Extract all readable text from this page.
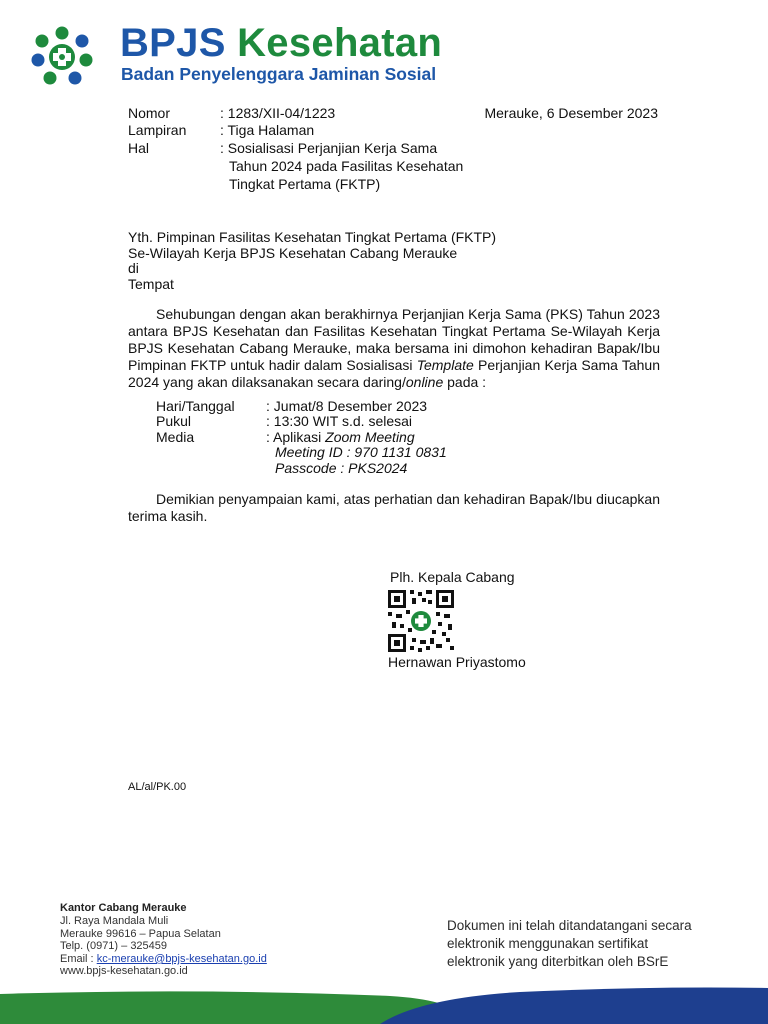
BPJS Kesehatan
Badan Penyelenggara Jaminan Sosial
Nomor	: 1283/XII-04/1223	Merauke, 6 Desember 2023
Lampiran : Tiga Halaman
Hal	: Sosialisasi Perjanjian Kerja Sama
Tahun 2024 pada Fasilitas Kesehatan
Tingkat Pertama (FKTP)
Yth. Pimpinan Fasilitas Kesehatan Tingkat Pertama (FKTP)
Se-Wilayah Kerja BPJS Kesehatan Cabang Merauke
di
Tempat
Sehubungan dengan akan berakhirnya Perjanjian Kerja Sama (PKS) Tahun 2023 antara BPJS Kesehatan dan Fasilitas Kesehatan Tingkat Pertama Se-Wilayah Kerja BPJS Kesehatan Cabang Merauke, maka bersama ini dimohon kehadiran Bapak/Ibu Pimpinan FKTP untuk hadir dalam Sosialisasi Template Perjanjian Kerja Sama Tahun 2024 yang akan dilaksanakan secara daring/online pada :
Hari/Tanggal : Jumat/8 Desember 2023
Pukul	: 13:30 WIT s.d. selesai
Media	: Aplikasi Zoom Meeting
Meeting ID : 970 1131 0831
Passcode : PKS2024
Demikian penyampaian kami, atas perhatian dan kehadiran Bapak/Ibu diucapkan terima kasih.
Plh. Kepala Cabang
Hernawan Priyastomo
AL/al/PK.00
Kantor Cabang Merauke
Jl. Raya Mandala Muli
Merauke 99616 – Papua Selatan
Telp. (0971) – 325459
Email : kc-merauke@bpjs-kesehatan.go.id
www.bpjs-kesehatan.go.id
Dokumen ini telah ditandatangani secara
elektronik menggunakan sertifikat
elektronik yang diterbitkan oleh BSrE
